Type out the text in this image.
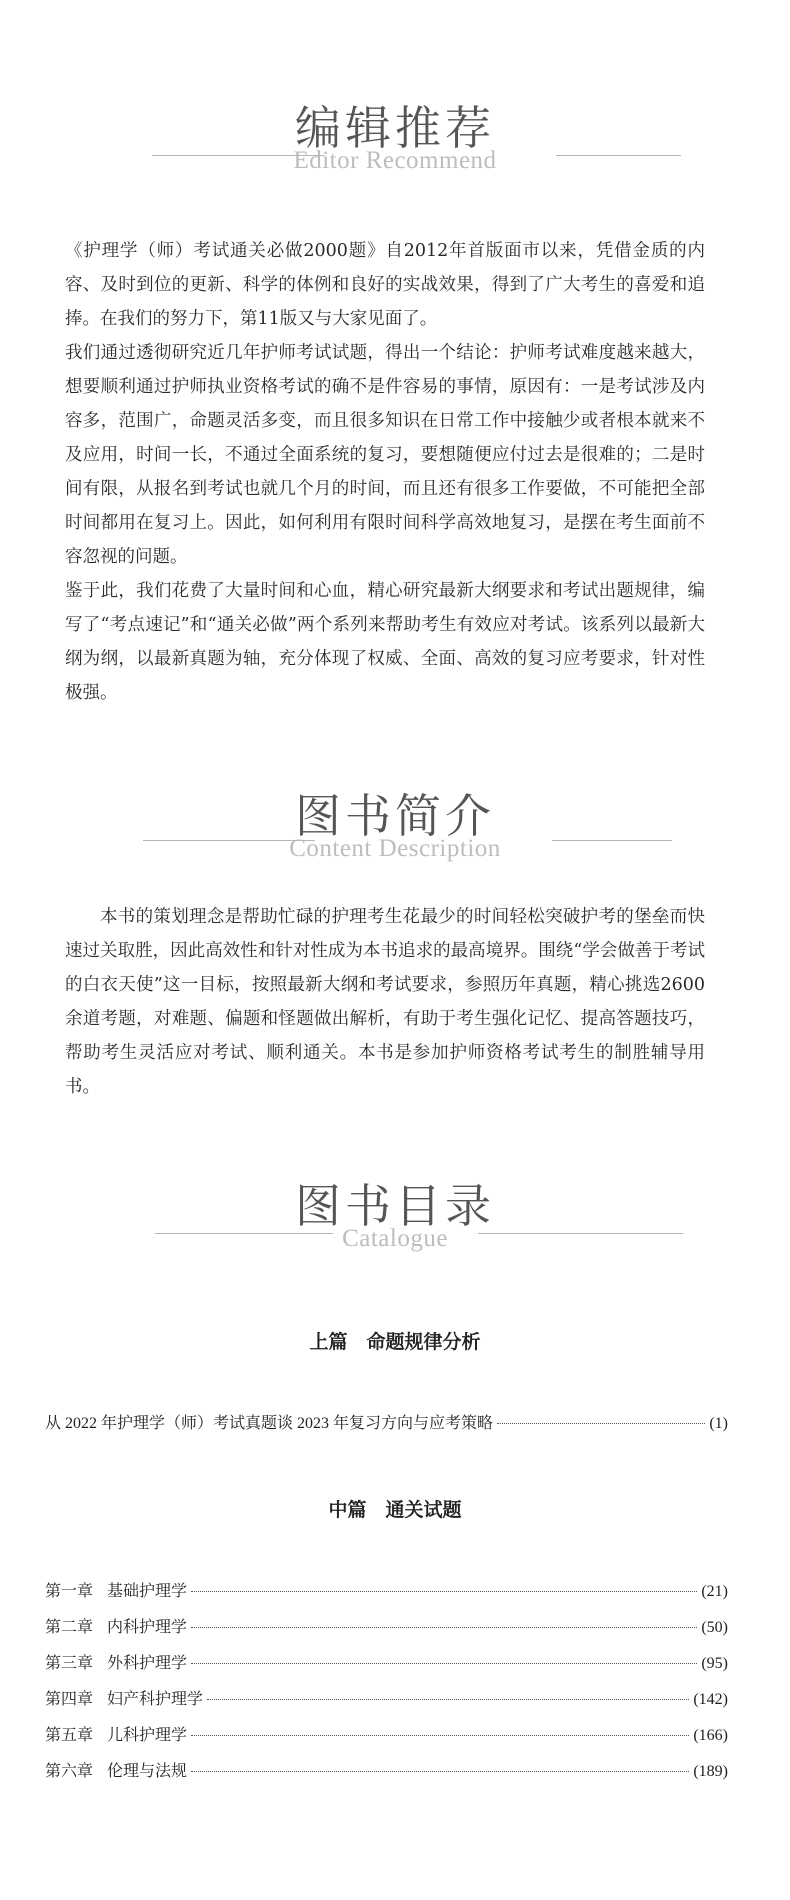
编辑推荐
Editor Recommend

《护理学（师）考试通关必做2000题》自2012年首版面市以来，凭借金质的内容、及时到位的更新、科学的体例和良好的实战效果，得到了广大考生的喜爱和追捧。在我们的努力下，第11版又与大家见面了。

我们通过透彻研究近几年护师考试试题，得出一个结论：护师考试难度越来越大，想要顺利通过护师执业资格考试的确不是件容易的事情，原因有：一是考试涉及内容多，范围广，命题灵活多变，而且很多知识在日常工作中接触少或者根本就来不及应用，时间一长，不通过全面系统的复习，要想随便应付过去是很难的；二是时间有限，从报名到考试也就几个月的时间，而且还有很多工作要做，不可能把全部时间都用在复习上。因此，如何利用有限时间科学高效地复习，是摆在考生面前不容忽视的问题。

鉴于此，我们花费了大量时间和心血，精心研究最新大纲要求和考试出题规律，编写了“考点速记”和“通关必做”两个系列来帮助考生有效应对考试。该系列以最新大纲为纲，以最新真题为轴，充分体现了权威、全面、高效的复习应考要求，针对性极强。

图书简介
Content Description

本书的策划理念是帮助忙碌的护理考生花最少的时间轻松突破护考的堡垒而快速过关取胜，因此高效性和针对性成为本书追求的最高境界。围绕“学会做善于考试的白衣天使”这一目标，按照最新大纲和考试要求，参照历年真题，精心挑选2600余道考题，对难题、偏题和怪题做出解析，有助于考生强化记忆、提高答题技巧，帮助考生灵活应对考试、顺利通关。本书是参加护师资格考试考生的制胜辅导用书。

图书目录
Catalogue
上篇　命题规律分析
从 2022 年护理学（师）考试真题谈 2023 年复习方向与应考策略	(1)
中篇　通关试题
第一章 基础护理学	(21)
第二章 内科护理学	(50)
第三章 外科护理学	(95)
第四章 妇产科护理学	(142)
第五章 儿科护理学	(166)
第六章 伦理与法规	(189)
